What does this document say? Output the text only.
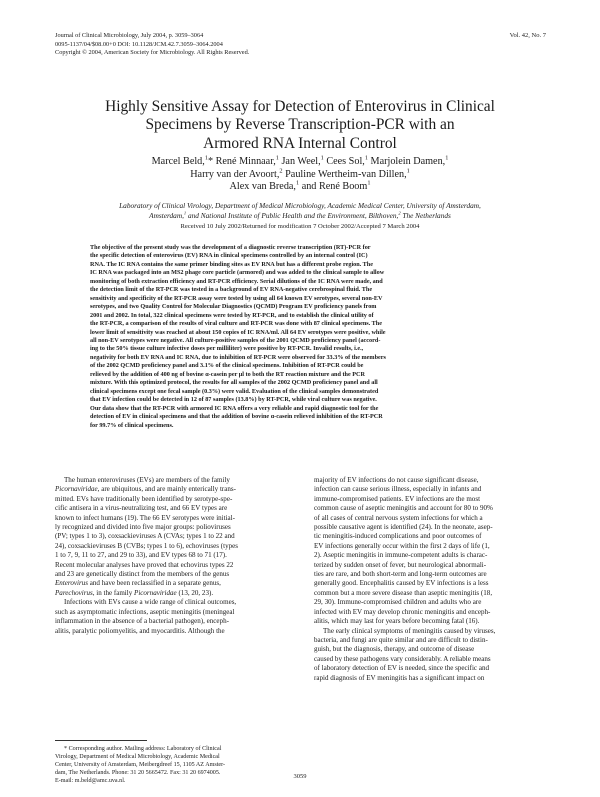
Journal of Clinical Microbiology, July 2004, p. 3059–3064
0095-1137/04/$08.00+0 DOI: 10.1128/JCM.42.7.3059–3064.2004
Copyright © 2004, American Society for Microbiology. All Rights Reserved.
Vol. 42, No. 7
Highly Sensitive Assay for Detection of Enterovirus in Clinical
Specimens by Reverse Transcription-PCR with an
Armored RNA Internal Control
Marcel Beld,$^1$* René Minnaar,$^1$ Jan Weel,$^1$ Cees Sol,$^1$ Marjolein Damen,$^1$
Harry van der Avoort,$^2$ Pauline Wertheim-van Dillen,$^1$
Alex van Breda,$^1$ and René Boom$^1$
Laboratory of Clinical Virology, Department of Medical Microbiology, Academic Medical Center, University of Amsterdam,
Amsterdam,$^1$ and National Institute of Public Health and the Environment, Bilthoven,$^2$ The Netherlands
Received 10 July 2002/Returned for modification 7 October 2002/Accepted 7 March 2004
The objective of the present study was the development of a diagnostic reverse transcription (RT)-PCR for
the specific detection of enterovirus (EV) RNA in clinical specimens controlled by an internal control (IC)
RNA. The IC RNA contains the same primer binding sites as EV RNA but has a different probe region. The
IC RNA was packaged into an MS2 phage core particle (armored) and was added to the clinical sample to allow
monitoring of both extraction efficiency and RT-PCR efficiency. Serial dilutions of the IC RNA were made, and
the detection limit of the RT-PCR was tested in a background of EV RNA-negative cerebrospinal fluid. The
sensitivity and specificity of the RT-PCR assay were tested by using all 64 known EV serotypes, several non-EV
serotypes, and two Quality Control for Molecular Diagnostics (QCMD) Program EV proficiency panels from
2001 and 2002. In total, 322 clinical specimens were tested by RT-PCR, and to establish the clinical utility of
the RT-PCR, a comparison of the results of viral culture and RT-PCR was done with 87 clinical specimens. The
lower limit of sensitivity was reached at about 150 copies of IC RNA/ml. All 64 EV serotypes were positive, while
all non-EV serotypes were negative. All culture-positive samples of the 2001 QCMD proficiency panel (accord-
ing to the 50% tissue culture infective doses per milliliter) were positive by RT-PCR. Invalid results, i.e.,
negativity for both EV RNA and IC RNA, due to inhibition of RT-PCR were observed for 33.3% of the members
of the 2002 QCMD proficiency panel and 3.1% of the clinical specimens. Inhibition of RT-PCR could be
relieved by the addition of 400 ng of bovine α-casein per μl to both the RT reaction mixture and the PCR
mixture. With this optimized protocol, the results for all samples of the 2002 QCMD proficiency panel and all
clinical specimens except one fecal sample (0.3%) were valid. Evaluation of the clinical samples demonstrated
that EV infection could be detected in 12 of 87 samples (13.8%) by RT-PCR, while viral culture was negative.
Our data show that the RT-PCR with armored IC RNA offers a very reliable and rapid diagnostic tool for the
detection of EV in clinical specimens and that the addition of bovine α-casein relieved inhibition of the RT-PCR
for 99.7% of clinical specimens.
The human enteroviruses (EVs) are members of the family
Picornaviridae, are ubiquitous, and are mainly enterically trans-
mitted. EVs have traditionally been identified by serotype-spe-
cific antisera in a virus-neutralizing test, and 66 EV types are
known to infect humans (19). The 66 EV serotypes were initial-
ly recognized and divided into five major groups: polioviruses
(PV; types 1 to 3), coxsackieviruses A (CVAs; types 1 to 22 and
24), coxsackieviruses B (CVBs; types 1 to 6), echoviruses (types
1 to 7, 9, 11 to 27, and 29 to 33), and EV types 68 to 71 (17).
Recent molecular analyses have proved that echovirus types 22
and 23 are genetically distinct from the members of the genus
Enterovirus and have been reclassified in a separate genus,
Parechovirus, in the family Picornaviridae (13, 20, 23).
Infections with EVs cause a wide range of clinical outcomes,
such as asymptomatic infections, aseptic meningitis (meningeal
inflammation in the absence of a bacterial pathogen), enceph-
alitis, paralytic poliomyelitis, and myocarditis. Although the
majority of EV infections do not cause significant disease,
infection can cause serious illness, especially in infants and
immune-compromised patients. EV infections are the most
common cause of aseptic meningitis and account for 80 to 90%
of all cases of central nervous system infections for which a
possible causative agent is identified (24). In the neonate, asep-
tic meningitis-induced complications and poor outcomes of
EV infections generally occur within the first 2 days of life (1,
2). Aseptic meningitis in immune-competent adults is charac-
terized by sudden onset of fever, but neurological abnormali-
ties are rare, and both short-term and long-term outcomes are
generally good. Encephalitis caused by EV infections is a less
common but a more severe disease than aseptic meningitis (18,
29, 30). Immune-compromised children and adults who are
infected with EV may develop chronic meningitis and enceph-
alitis, which may last for years before becoming fatal (16).
The early clinical symptoms of meningitis caused by viruses,
bacteria, and fungi are quite similar and are difficult to distin-
guish, but the diagnosis, therapy, and outcome of disease
caused by these pathogens vary considerably. A reliable means
of laboratory detection of EV is needed, since the specific and
rapid diagnosis of EV meningitis has a significant impact on
* Corresponding author. Mailing address: Laboratory of Clinical
Virology, Department of Medical Microbiology, Academic Medical
Center, University of Amsterdam, Meibergdreef 15, 1105 AZ Amster-
dam, The Netherlands. Phone: 31 20 5665472. Fax: 31 20 6974005.
E-mail: m.beld@amc.uva.nl.
3059
